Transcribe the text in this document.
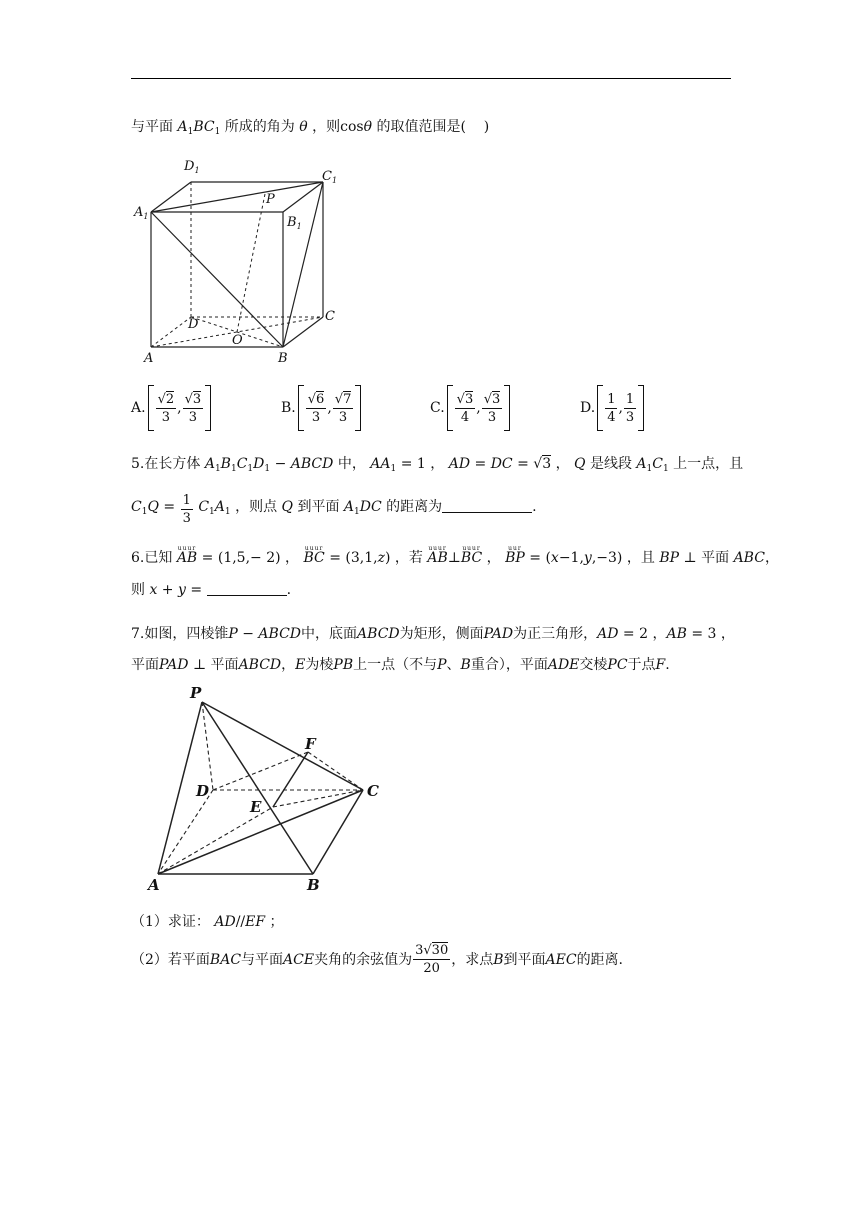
与平面 $A_1BC_1$ 所成的角为 θ ，则cosθ 的取值范围是( )
$D_1$	$C_1$
$A_1$
P
$B_1$
D
C
O
A	B
A. $\frac{√2}{3}$ , $\frac{√3}{3}$	B. $\frac{√6}{3}$ , $\frac{√7}{3}$	C. $\frac{√3}{4}$ , $\frac{√3}{3}$	D. $\frac{1}{4}$ , $\frac{1}{3}$
5.在长方体 $A_1B_1C_1D_1$ − ABCD 中， $AA_1 = 1$ ， AD = DC = √3 ， Q 是线段 $A_1C_1$ 上一点，且
$C_1Q = \frac{1}{3} C_1A_1$ ，则点 Q 到平面 $A_1DC$ 的距离为	.
6.已知
uuur
AB = (1,5,− 2) ，
uuur
BC = (3,1,z) ，若
uuur
AB⊥
uuur
BC ，
uur
BP = (x−1,y,−3) ，且 BP ⊥ 平面 ABC，
则 x + y =	.
7.如图，四棱锥P − ABCD中，底面ABCD为矩形，侧面PAD为正三角形，AD = 2 ，AB = 3 ，
平面PAD ⊥ 平面ABCD，E为棱PB上一点（不与P、B重合），平面ADE交棱PC于点F.
P
F
D	C
E
A	B
（1）求证： AD//EF ；
（2）若平面BAC与平面ACE夹角的余弦值为 $\frac{3√30}{20}$ ，求点B到平面AEC的距离.
